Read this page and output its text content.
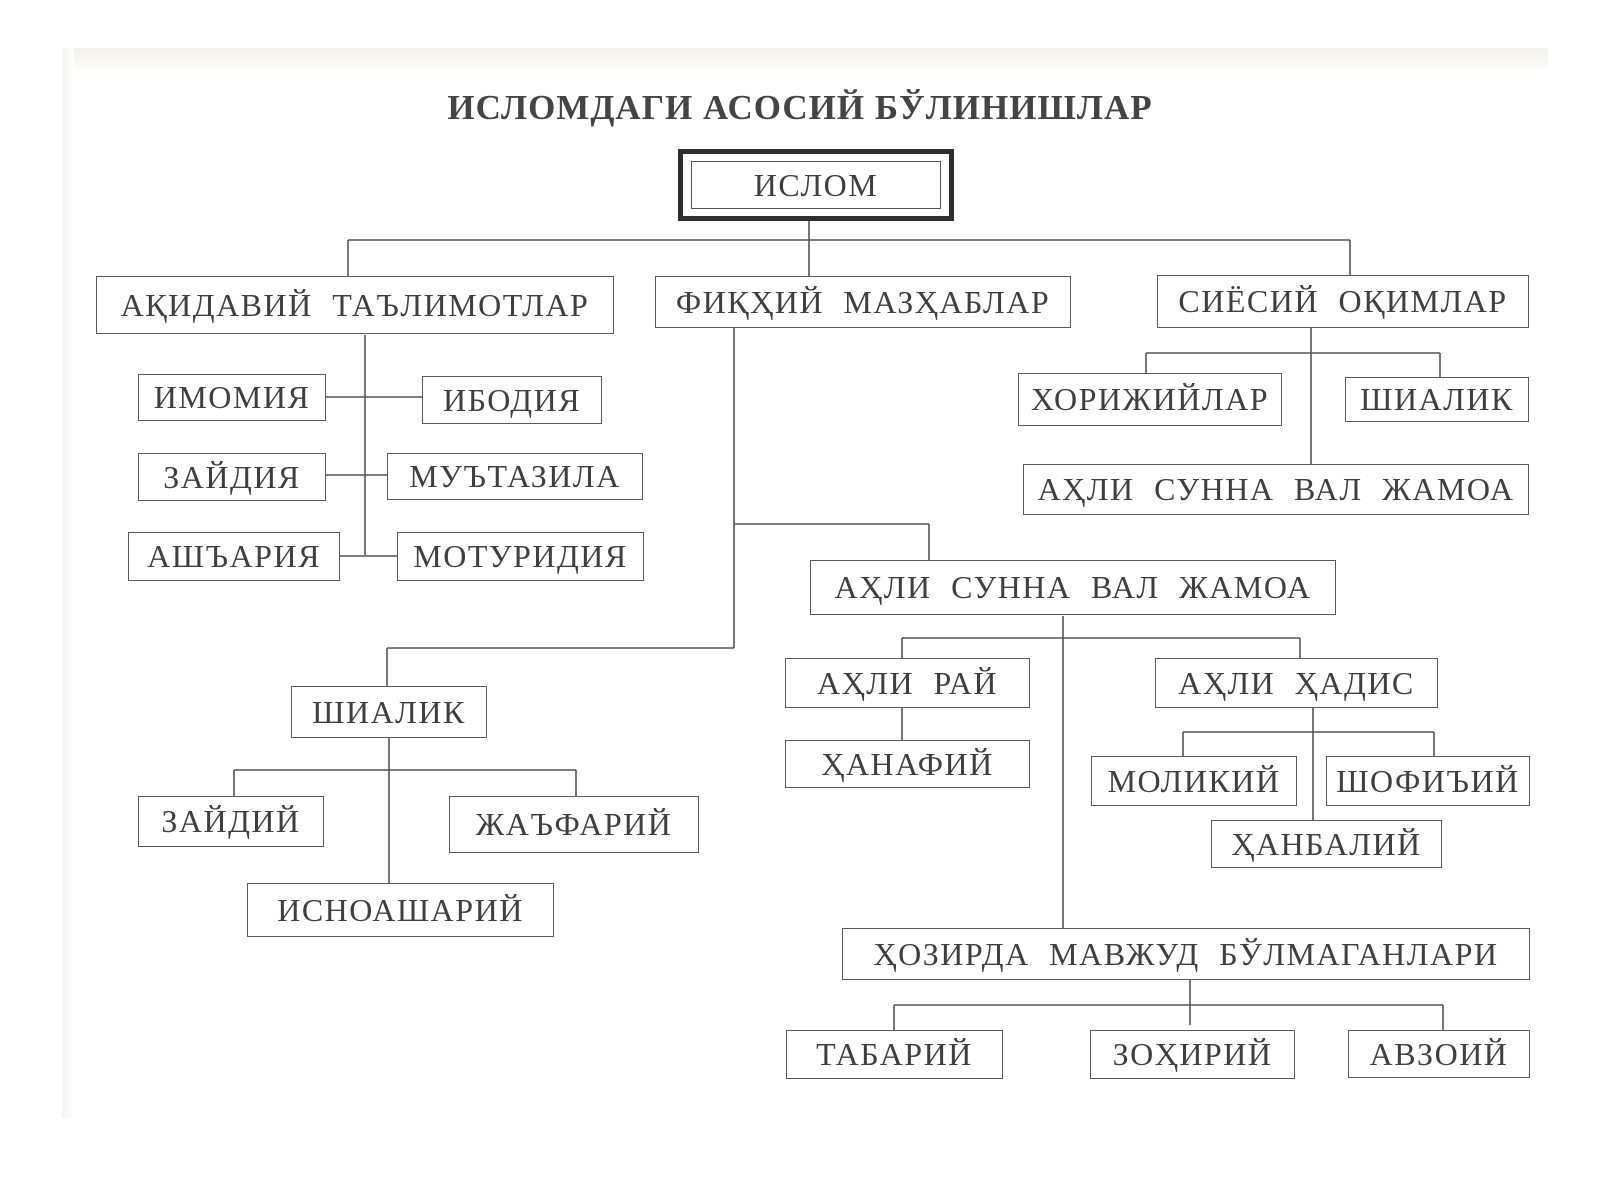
ИСЛОМДАГИ АСОСИЙ БЎЛИНИШЛАР
ИСЛОМ
АҚИДАВИЙ ТАЪЛИМОТЛАР	ФИҚҲИЙ МАЗҲАБЛАР	СИЁСИЙ ОҚИМЛАР
ИМОМИЯ	ИБОДИЯ
ЗАЙДИЯ	МУЪТАЗИЛА
АШЪАРИЯ	МОТУРИДИЯ
ХОРИЖИЙЛАР	ШИАЛИК
АҲЛИ СУННА ВАЛ ЖАМОА
АҲЛИ СУННА ВАЛ ЖАМОА
АҲЛИ РАЙ
ҲАНАФИЙ
АҲЛИ ҲАДИС
МОЛИКИЙ	ШОФИЪИЙ
ҲАНБАЛИЙ
ҲОЗИРДА МАВЖУД БЎЛМАГАНЛАРИ
ТАБАРИЙ	ЗОҲИРИЙ	АВЗОИЙ
ШИАЛИК
ЗАЙДИЙ	ЖАЪФАРИЙ
ИСНОАШАРИЙ
